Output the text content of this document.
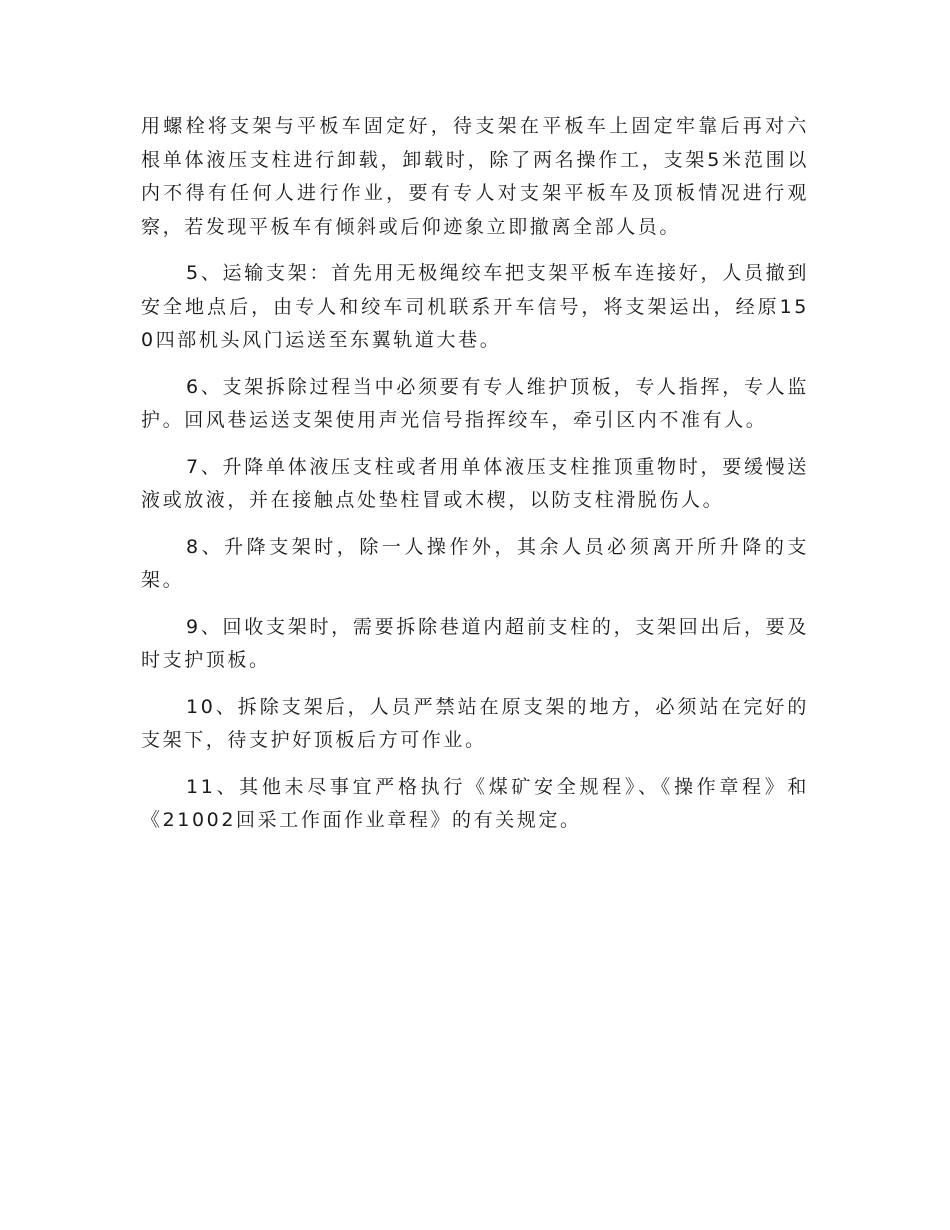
用螺栓将支架与平板车固定好，待支架在平板车上固定牢靠后再对六根单体液压支柱进行卸载，卸载时，除了两名操作工，支架5米范围以内不得有任何人进行作业，要有专人对支架平板车及顶板情况进行观察，若发现平板车有倾斜或后仰迹象立即撤离全部人员。

5、运输支架：首先用无极绳绞车把支架平板车连接好，人员撤到安全地点后，由专人和绞车司机联系开车信号，将支架运出，经原150四部机头风门运送至东翼轨道大巷。

6、支架拆除过程当中必须要有专人维护顶板，专人指挥，专人监护。回风巷运送支架使用声光信号指挥绞车，牵引区内不准有人。

7、升降单体液压支柱或者用单体液压支柱推顶重物时，要缓慢送液或放液，并在接触点处垫柱冒或木楔，以防支柱滑脱伤人。

8、升降支架时，除一人操作外，其余人员必须离开所升降的支架。

9、回收支架时，需要拆除巷道内超前支柱的，支架回出后，要及时支护顶板。

10、拆除支架后，人员严禁站在原支架的地方，必须站在完好的支架下，待支护好顶板后方可作业。

11、其他未尽事宜严格执行《煤矿安全规程》、《操作章程》和《21002回采工作面作业章程》的有关规定。
